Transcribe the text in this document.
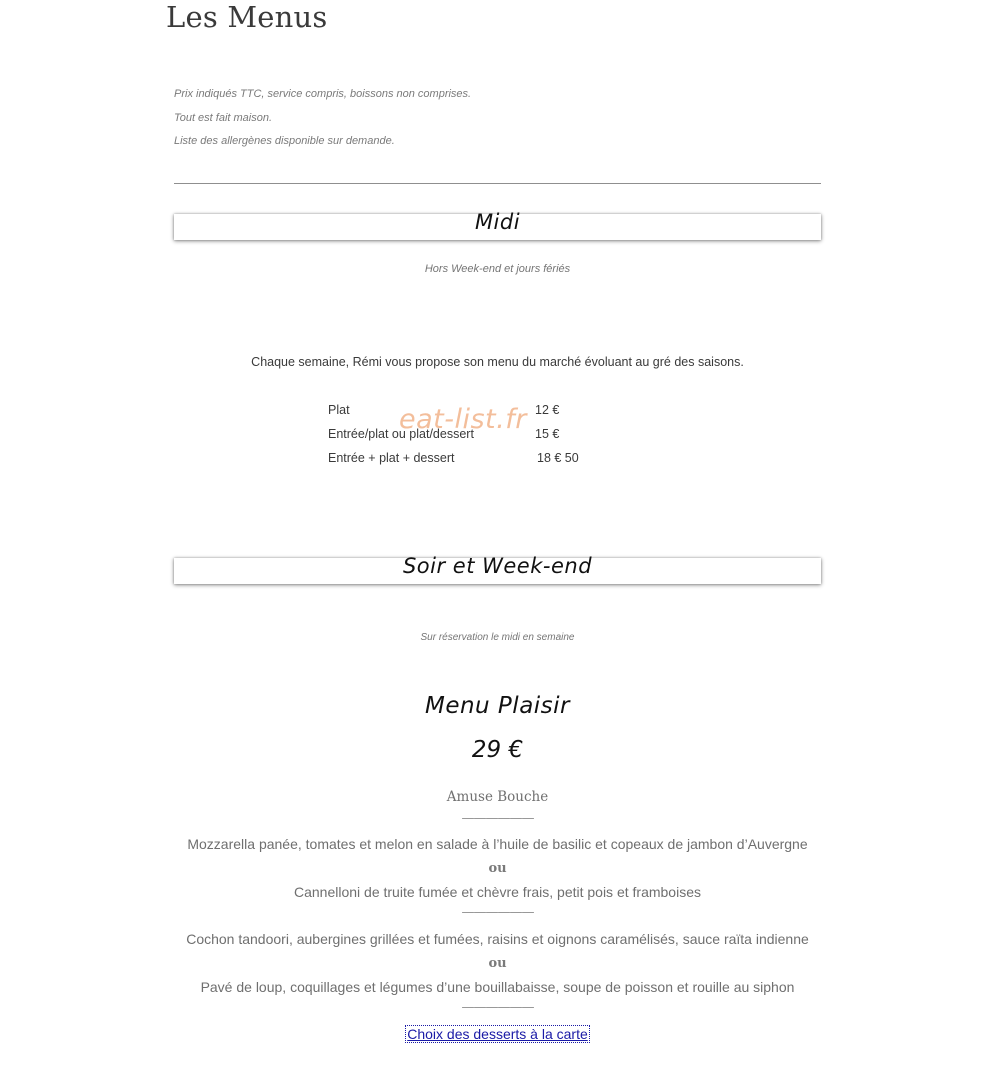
Les Menus
Prix indiqués TTC, service compris, boissons non comprises.
Tout est fait maison.
Liste des allergènes disponible sur demande.
Midi
Hors Week-end et jours fériés
Chaque semaine, Rémi vous propose son menu du marché évoluant au gré des saisons.
Plat	12 €
Entrée/plat ou plat/dessert	15 €
Entrée + plat + dessert	18 € 50
eat-list.fr
Soir et Week-end
Sur réservation le midi en semaine
Menu Plaisir
29 €
Amuse Bouche
——————
Mozzarella panée, tomates et melon en salade à l’huile de basilic et copeaux de jambon d’Auvergne
ou
Cannelloni de truite fumée et chèvre frais, petit pois et framboises
——————
Cochon tandoori, aubergines grillées et fumées, raisins et oignons caramélisés, sauce raïta indienne
ou
Pavé de loup, coquillages et légumes d’une bouillabaisse, soupe de poisson et rouille au siphon
——————
Choix des desserts à la carte
